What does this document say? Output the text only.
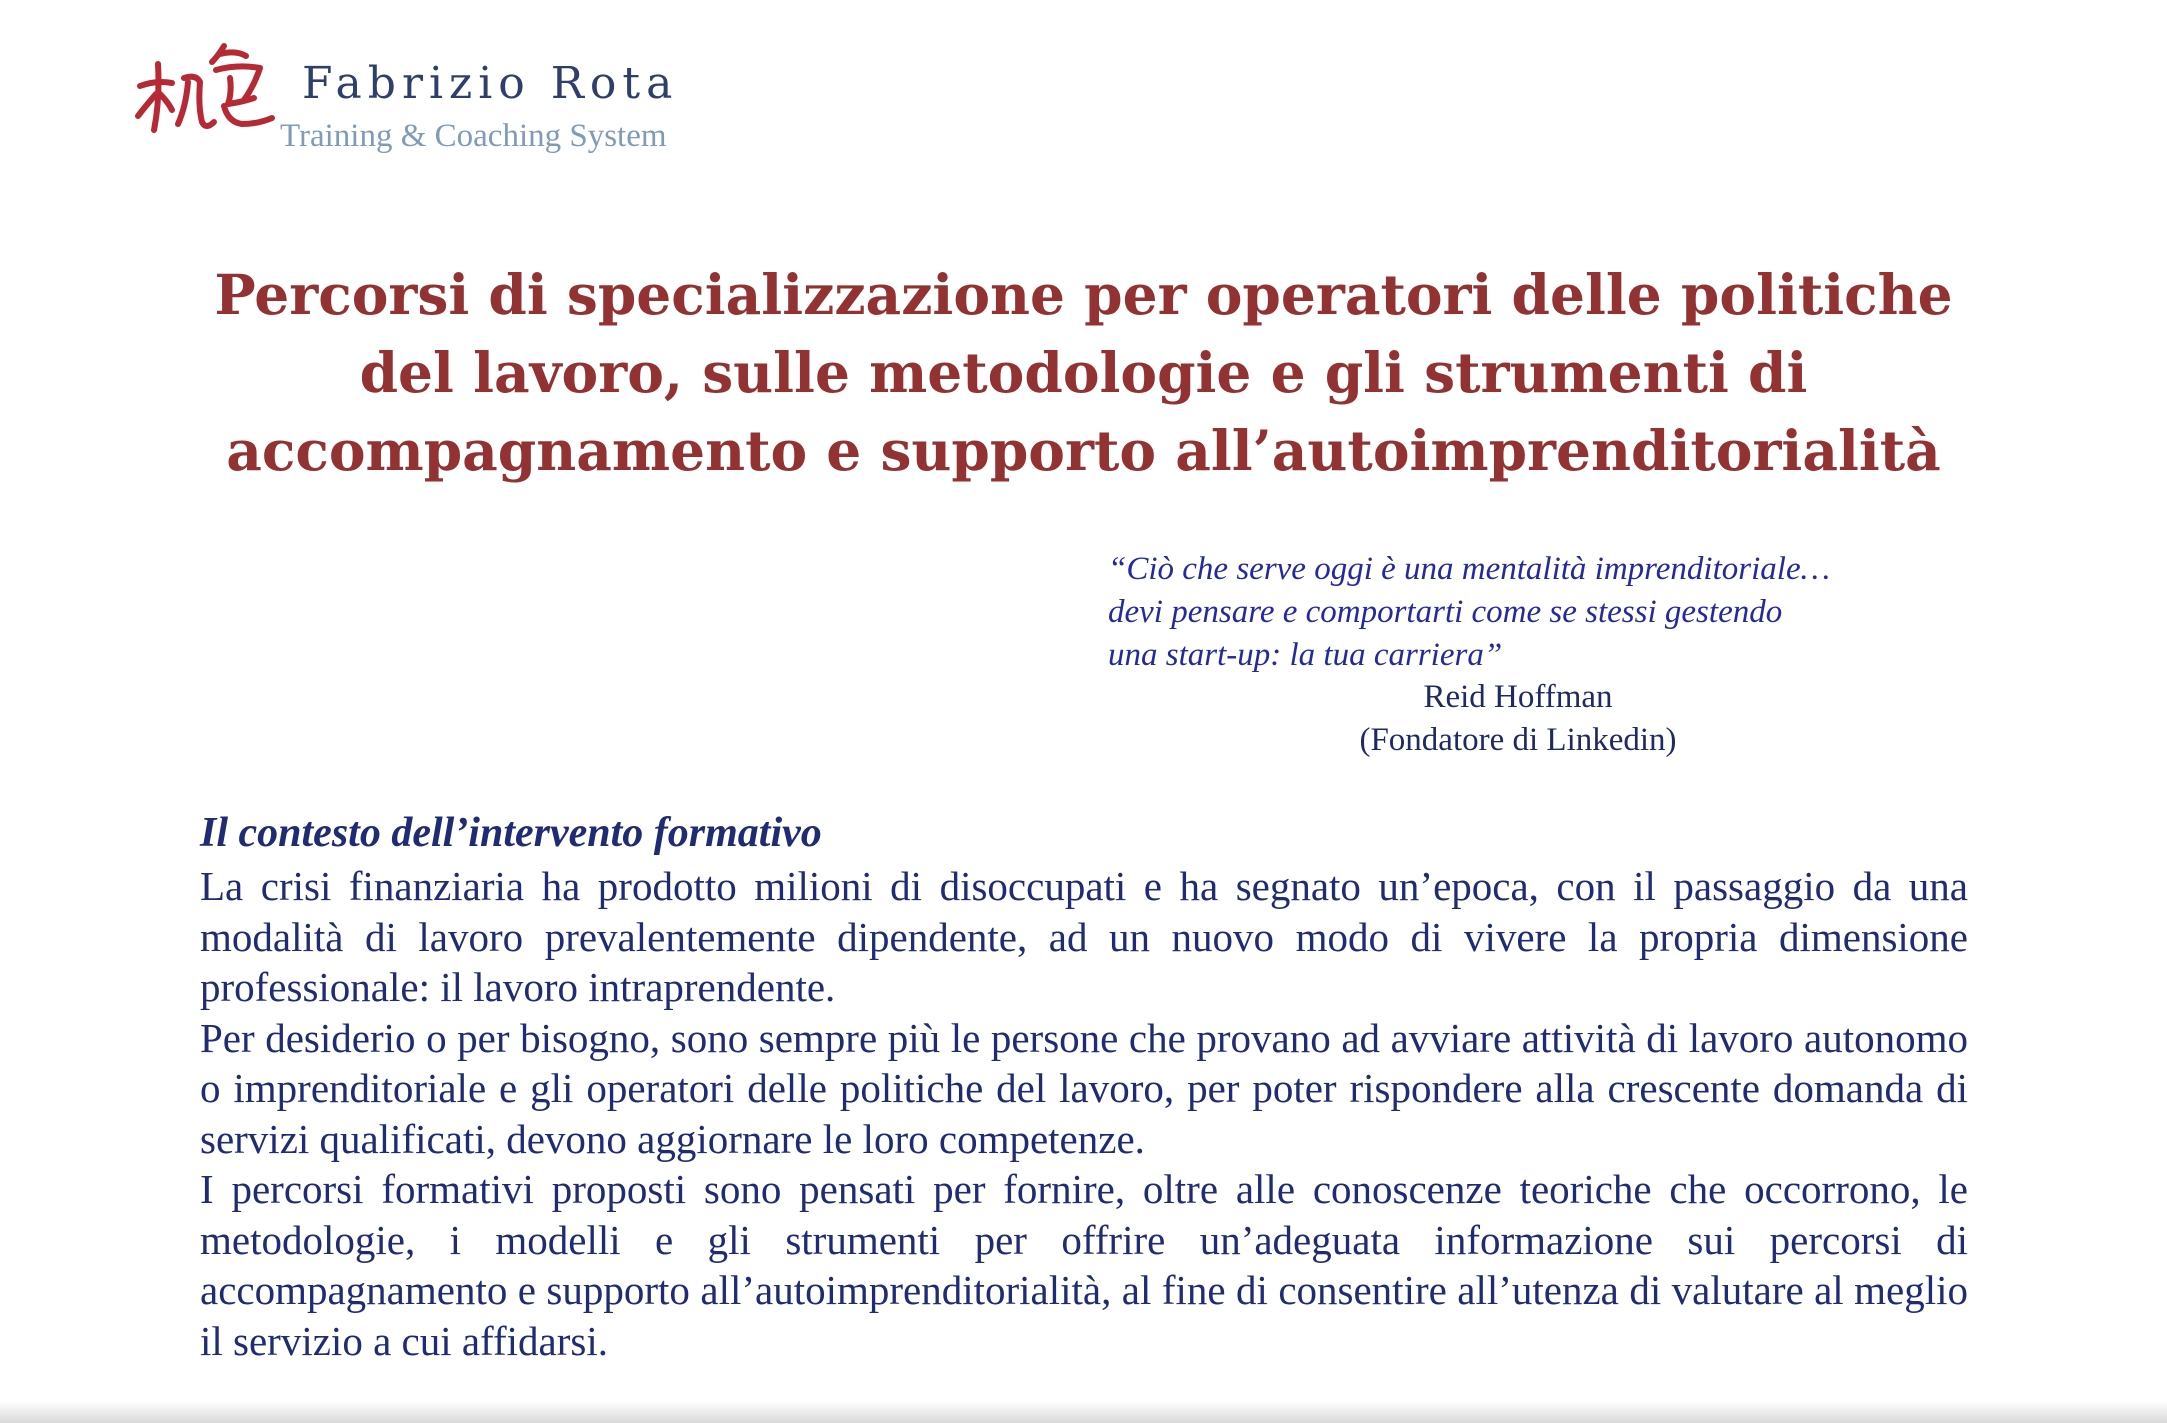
Fabrizio Rota
Training & Coaching System
Percorsi di specializzazione per operatori delle politiche
del lavoro, sulle metodologie e gli strumenti di
accompagnamento e supporto all’autoimprenditorialità
“Ciò che serve oggi è una mentalità imprenditoriale…
devi pensare e comportarti come se stessi gestendo
una start-up: la tua carriera”
Reid Hoffman
(Fondatore di Linkedin)
Il contesto dell’intervento formativo

La crisi finanziaria ha prodotto milioni di disoccupati e ha segnato un’epoca, con il passaggio da una modalità di lavoro prevalentemente dipendente, ad un nuovo modo di vivere la propria dimensione professionale: il lavoro intraprendente.

Per desiderio o per bisogno, sono sempre più le persone che provano ad avviare attività di lavoro autonomo o imprenditoriale e gli operatori delle politiche del lavoro, per poter rispondere alla crescente domanda di servizi qualificati, devono aggiornare le loro competenze.

I percorsi formativi proposti sono pensati per fornire, oltre alle conoscenze teoriche che occorrono, le metodologie, i modelli e gli strumenti per offrire un’adeguata informazione sui percorsi di accompagnamento e supporto all’autoimprenditorialità, al fine di consentire all’utenza di valutare al meglio il servizio a cui affidarsi.
